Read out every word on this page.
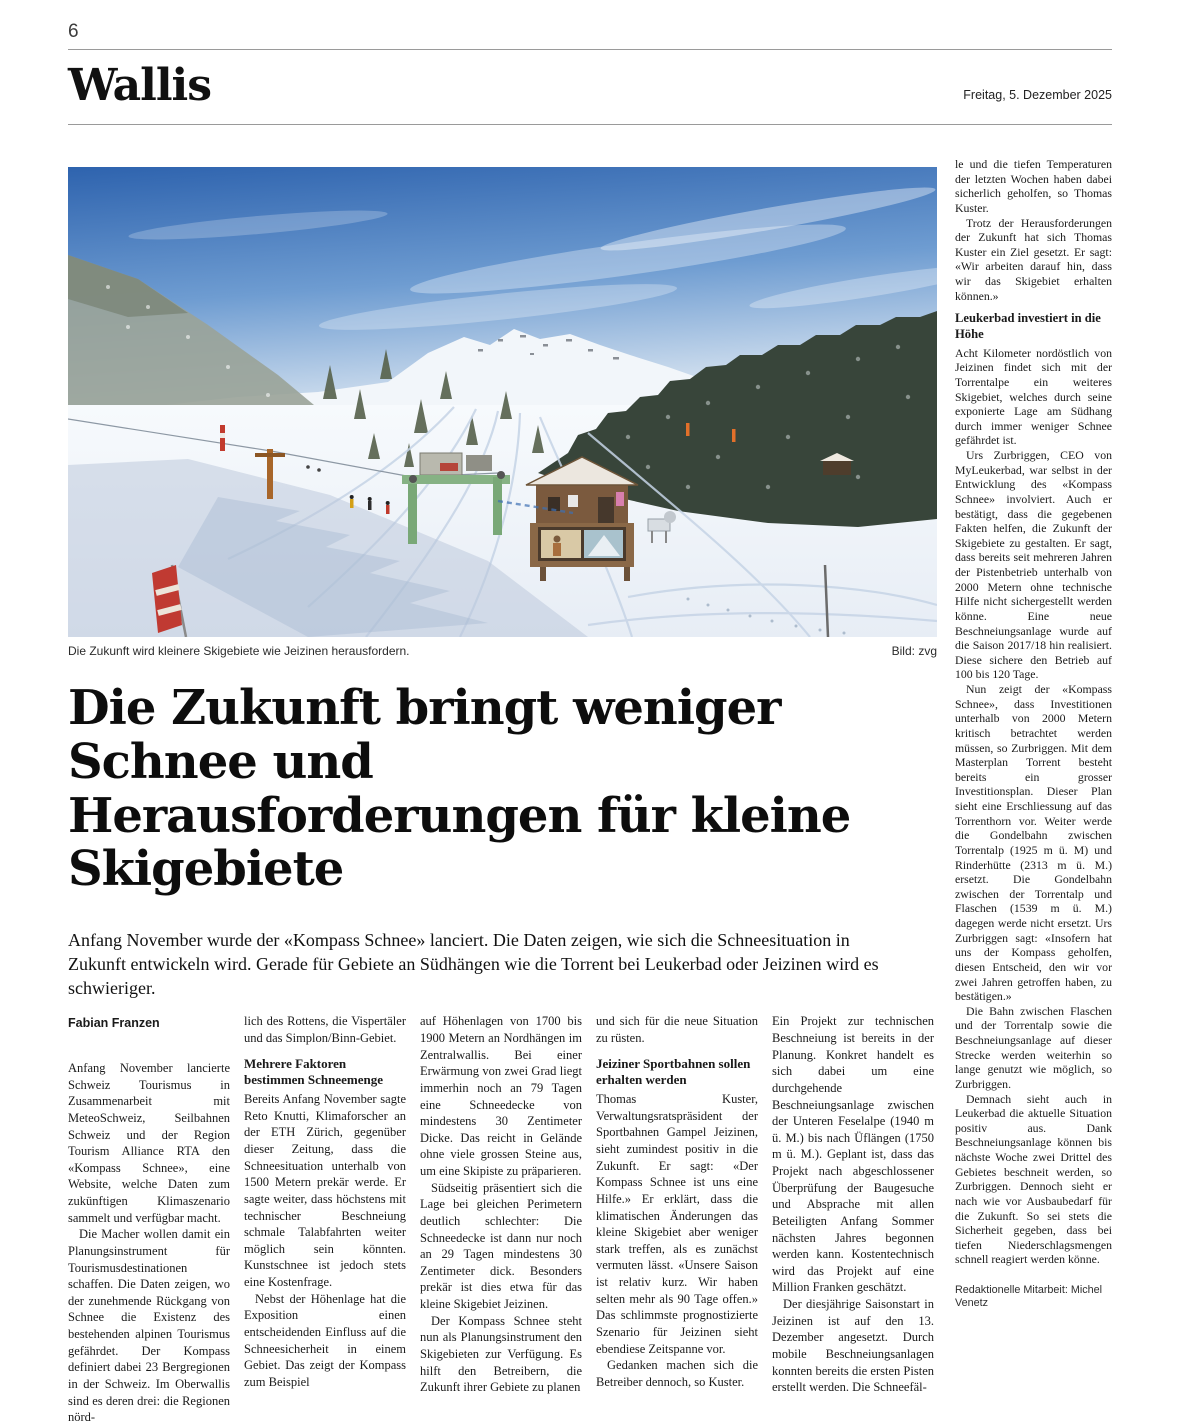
6
Wallis	Freitag, 5. Dezember 2025
Die Zukunft wird kleinere Skigebiete wie Jeizinen herausfordern.	Bild: zvg
Die Zukunft bringt weniger Schnee und Herausforderungen für kleine Skigebiete
Anfang November wurde der «Kompass Schnee» lanciert. Die Daten zeigen, wie sich die Schneesituation in Zukunft entwickeln wird. Gerade für Gebiete an Südhängen wie die Torrent bei Leukerbad oder Jeizinen wird es schwieriger.
Fabian Franzen

Anfang November lancierte Schweiz Tourismus in Zusammenarbeit mit MeteoSchweiz, Seilbahnen Schweiz und der Region Tourism Alliance RTA den «Kompass Schnee», eine Website, welche Daten zum zukünftigen Klimaszenario sammelt und verfügbar macht.

Die Macher wollen damit ein Planungsinstrument für Tourismusdestinationen schaffen. Die Daten zeigen, wo der zunehmende Rückgang von Schnee die Existenz des bestehenden alpinen Tourismus gefährdet. Der Kompass definiert dabei 23 Bergregionen in der Schweiz. Im Oberwallis sind es deren drei: die Regionen nörd-

lich des Rottens, die Vispertäler und das Simplon/Binn-Gebiet.

Mehrere Faktoren bestimmen Schneemenge

Bereits Anfang November sagte Reto Knutti, Klimaforscher an der ETH Zürich, gegenüber dieser Zeitung, dass die Schneesituation unterhalb von 1500 Metern prekär werde. Er sagte weiter, dass höchstens mit technischer Beschneiung schmale Talabfahrten weiter möglich sein könnten. Kunstschnee ist jedoch stets eine Kostenfrage.

Nebst der Höhenlage hat die Exposition einen entscheidenden Einfluss auf die Schneesicherheit in einem Gebiet. Das zeigt der Kompass zum Beispiel

auf Höhenlagen von 1700 bis 1900 Metern an Nordhängen im Zentralwallis. Bei einer Erwärmung von zwei Grad liegt immerhin noch an 79 Tagen eine Schneedecke von mindestens 30 Zentimeter Dicke. Das reicht in Gelände ohne viele grossen Steine aus, um eine Skipiste zu präparieren.

Südseitig präsentiert sich die Lage bei gleichen Perimetern deutlich schlechter: Die Schneedecke ist dann nur noch an 29 Tagen mindestens 30 Zentimeter dick. Besonders prekär ist dies etwa für das kleine Skigebiet Jeizinen.

Der Kompass Schnee steht nun als Planungsinstrument den Skigebieten zur Verfügung. Es hilft den Betreibern, die Zukunft ihrer Gebiete zu planen

und sich für die neue Situation zu rüsten.

Jeiziner Sportbahnen sollen erhalten werden

Thomas Kuster, Verwaltungsratspräsident der Sportbahnen Gampel Jeizinen, sieht zumindest positiv in die Zukunft. Er sagt: «Der Kompass Schnee ist uns eine Hilfe.» Er erklärt, dass die klimatischen Änderungen das kleine Skigebiet aber weniger stark treffen, als es zunächst vermuten lässt. «Unsere Saison ist relativ kurz. Wir haben selten mehr als 90 Tage offen.» Das schlimmste prognostizierte Szenario für Jeizinen sieht ebendiese Zeitspanne vor.

Gedanken machen sich die Betreiber dennoch, so Kuster.

Ein Projekt zur technischen Beschneiung ist bereits in der Planung. Konkret handelt es sich dabei um eine durchgehende Beschneiungsanlage zwischen der Unteren Feselalpe (1940 m ü. M.) bis nach Üflängen (1750 m ü. M.). Geplant ist, dass das Projekt nach abgeschlossener Überprüfung der Baugesuche und Absprache mit allen Beteiligten Anfang Sommer nächsten Jahres begonnen werden kann. Kostentechnisch wird das Projekt auf eine Million Franken geschätzt.

Der diesjährige Saisonstart in Jeizinen ist auf den 13. Dezember angesetzt. Durch mobile Beschneiungsanlagen konnten bereits die ersten Pisten erstellt werden. Die Schneefäl-

le und die tiefen Temperaturen der letzten Wochen haben dabei sicherlich geholfen, so Thomas Kuster.

Trotz der Herausforderungen der Zukunft hat sich Thomas Kuster ein Ziel gesetzt. Er sagt: «Wir arbeiten darauf hin, dass wir das Skigebiet erhalten können.»

Leukerbad investiert in die Höhe

Acht Kilometer nordöstlich von Jeizinen findet sich mit der Torrentalpe ein weiteres Skigebiet, welches durch seine exponierte Lage am Südhang durch immer weniger Schnee gefährdet ist.

Urs Zurbriggen, CEO von MyLeukerbad, war selbst in der Entwicklung des «Kompass Schnee» involviert. Auch er bestätigt, dass die gegebenen Fakten helfen, die Zukunft der Skigebiete zu gestalten. Er sagt, dass bereits seit mehreren Jahren der Pistenbetrieb unterhalb von 2000 Metern ohne technische Hilfe nicht sichergestellt werden könne. Eine neue Beschneiungsanlage wurde auf die Saison 2017/18 hin realisiert. Diese sichere den Betrieb auf 100 bis 120 Tage.

Nun zeigt der «Kompass Schnee», dass Investitionen unterhalb von 2000 Metern kritisch betrachtet werden müssen, so Zurbriggen. Mit dem Masterplan Torrent besteht bereits ein grosser Investitionsplan. Dieser Plan sieht eine Erschliessung auf das Torrenthorn vor. Weiter werde die Gondelbahn zwischen Torrentalp (1925 m ü. M) und Rinderhütte (2313 m ü. M.) ersetzt. Die Gondelbahn zwischen der Torrentalp und Flaschen (1539 m ü. M.) dagegen werde nicht ersetzt. Urs Zurbriggen sagt: «Insofern hat uns der Kompass geholfen, diesen Entscheid, den wir vor zwei Jahren getroffen haben, zu bestätigen.»

Die Bahn zwischen Flaschen und der Torrentalp sowie die Beschneiungsanlage auf dieser Strecke werden weiterhin so lange genutzt wie möglich, so Zurbriggen.

Demnach sieht auch in Leukerbad die aktuelle Situation positiv aus. Dank Beschneiungsanlage können bis nächste Woche zwei Drittel des Gebietes beschneit werden, so Zurbriggen. Dennoch sieht er nach wie vor Ausbaubedarf für die Zukunft. So sei stets die Sicherheit gegeben, dass bei tiefen Niederschlagsmengen schnell reagiert werden könne.

Redaktionelle Mitarbeit: Michel Venetz
